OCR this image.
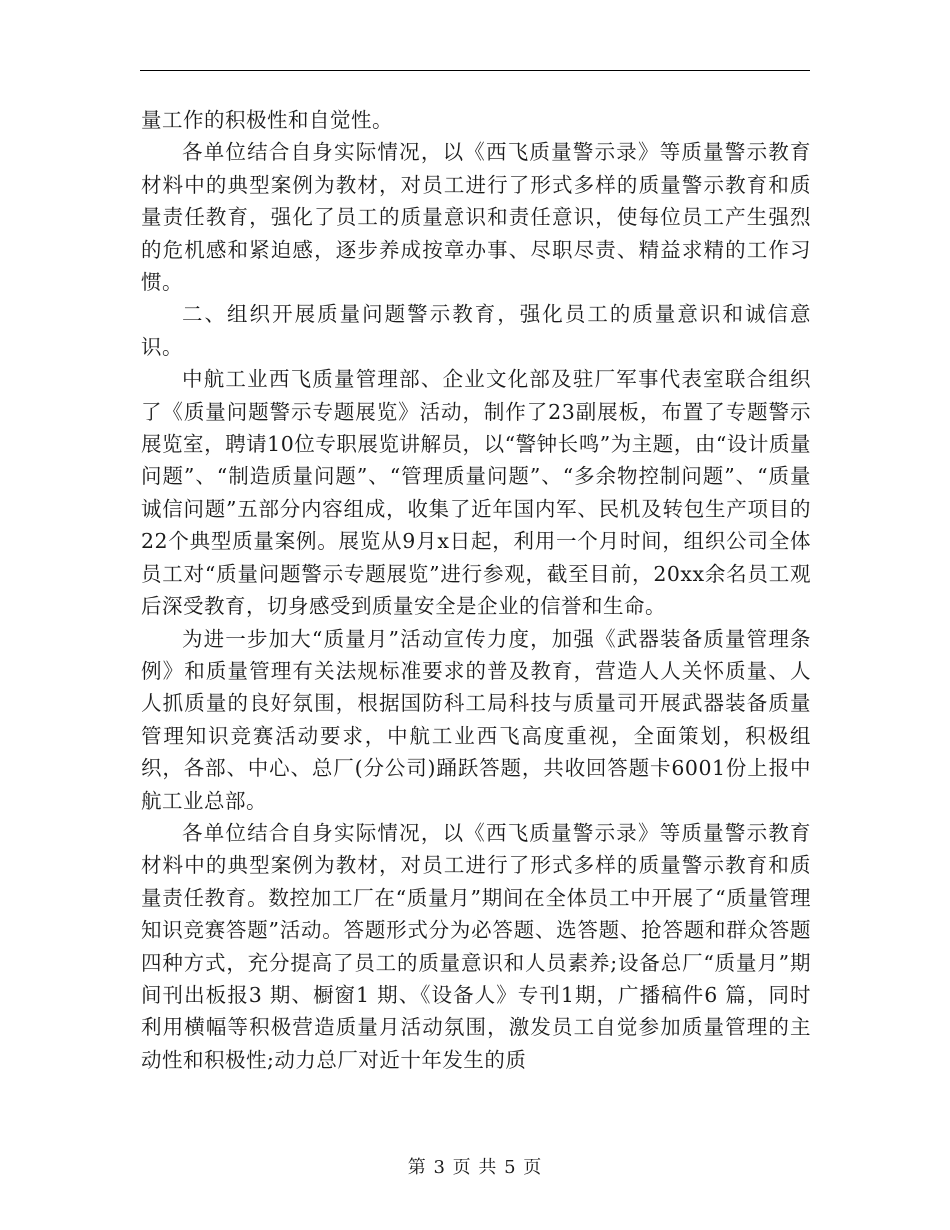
量工作的积极性和自觉性。

各单位结合自身实际情况，以《西飞质量警示录》等质量警示教育材料中的典型案例为教材，对员工进行了形式多样的质量警示教育和质量责任教育，强化了员工的质量意识和责任意识，使每位员工产生强烈的危机感和紧迫感，逐步养成按章办事、尽职尽责、精益求精的工作习惯。

二、组织开展质量问题警示教育，强化员工的质量意识和诚信意识。

中航工业西飞质量管理部、企业文化部及驻厂军事代表室联合组织了《质量问题警示专题展览》活动，制作了23副展板，布置了专题警示展览室，聘请10位专职展览讲解员，以“警钟长鸣”为主题，由“设计质量问题”、“制造质量问题”、“管理质量问题”、“多余物控制问题”、“质量诚信问题”五部分内容组成，收集了近年国内军、民机及转包生产项目的22个典型质量案例。展览从9月x日起，利用一个月时间，组织公司全体员工对“质量问题警示专题展览”进行参观，截至目前，20xx余名员工观后深受教育，切身感受到质量安全是企业的信誉和生命。

为进一步加大“质量月”活动宣传力度，加强《武器装备质量管理条例》和质量管理有关法规标准要求的普及教育，营造人人关怀质量、人人抓质量的良好氛围，根据国防科工局科技与质量司开展武器装备质量管理知识竞赛活动要求，中航工业西飞高度重视，全面策划，积极组织，各部、中心、总厂(分公司)踊跃答题，共收回答题卡6001份上报中航工业总部。

各单位结合自身实际情况，以《西飞质量警示录》等质量警示教育材料中的典型案例为教材，对员工进行了形式多样的质量警示教育和质量责任教育。数控加工厂在“质量月”期间在全体员工中开展了“质量管理知识竞赛答题”活动。答题形式分为必答题、选答题、抢答题和群众答题四种方式，充分提高了员工的质量意识和人员素养;设备总厂“质量月”期间刊出板报3 期、橱窗1 期、《设备人》专刊1期，广播稿件6 篇，同时利用横幅等积极营造质量月活动氛围，激发员工自觉参加质量管理的主动性和积极性;动力总厂对近十年发生的质

第 3 页 共 5 页
